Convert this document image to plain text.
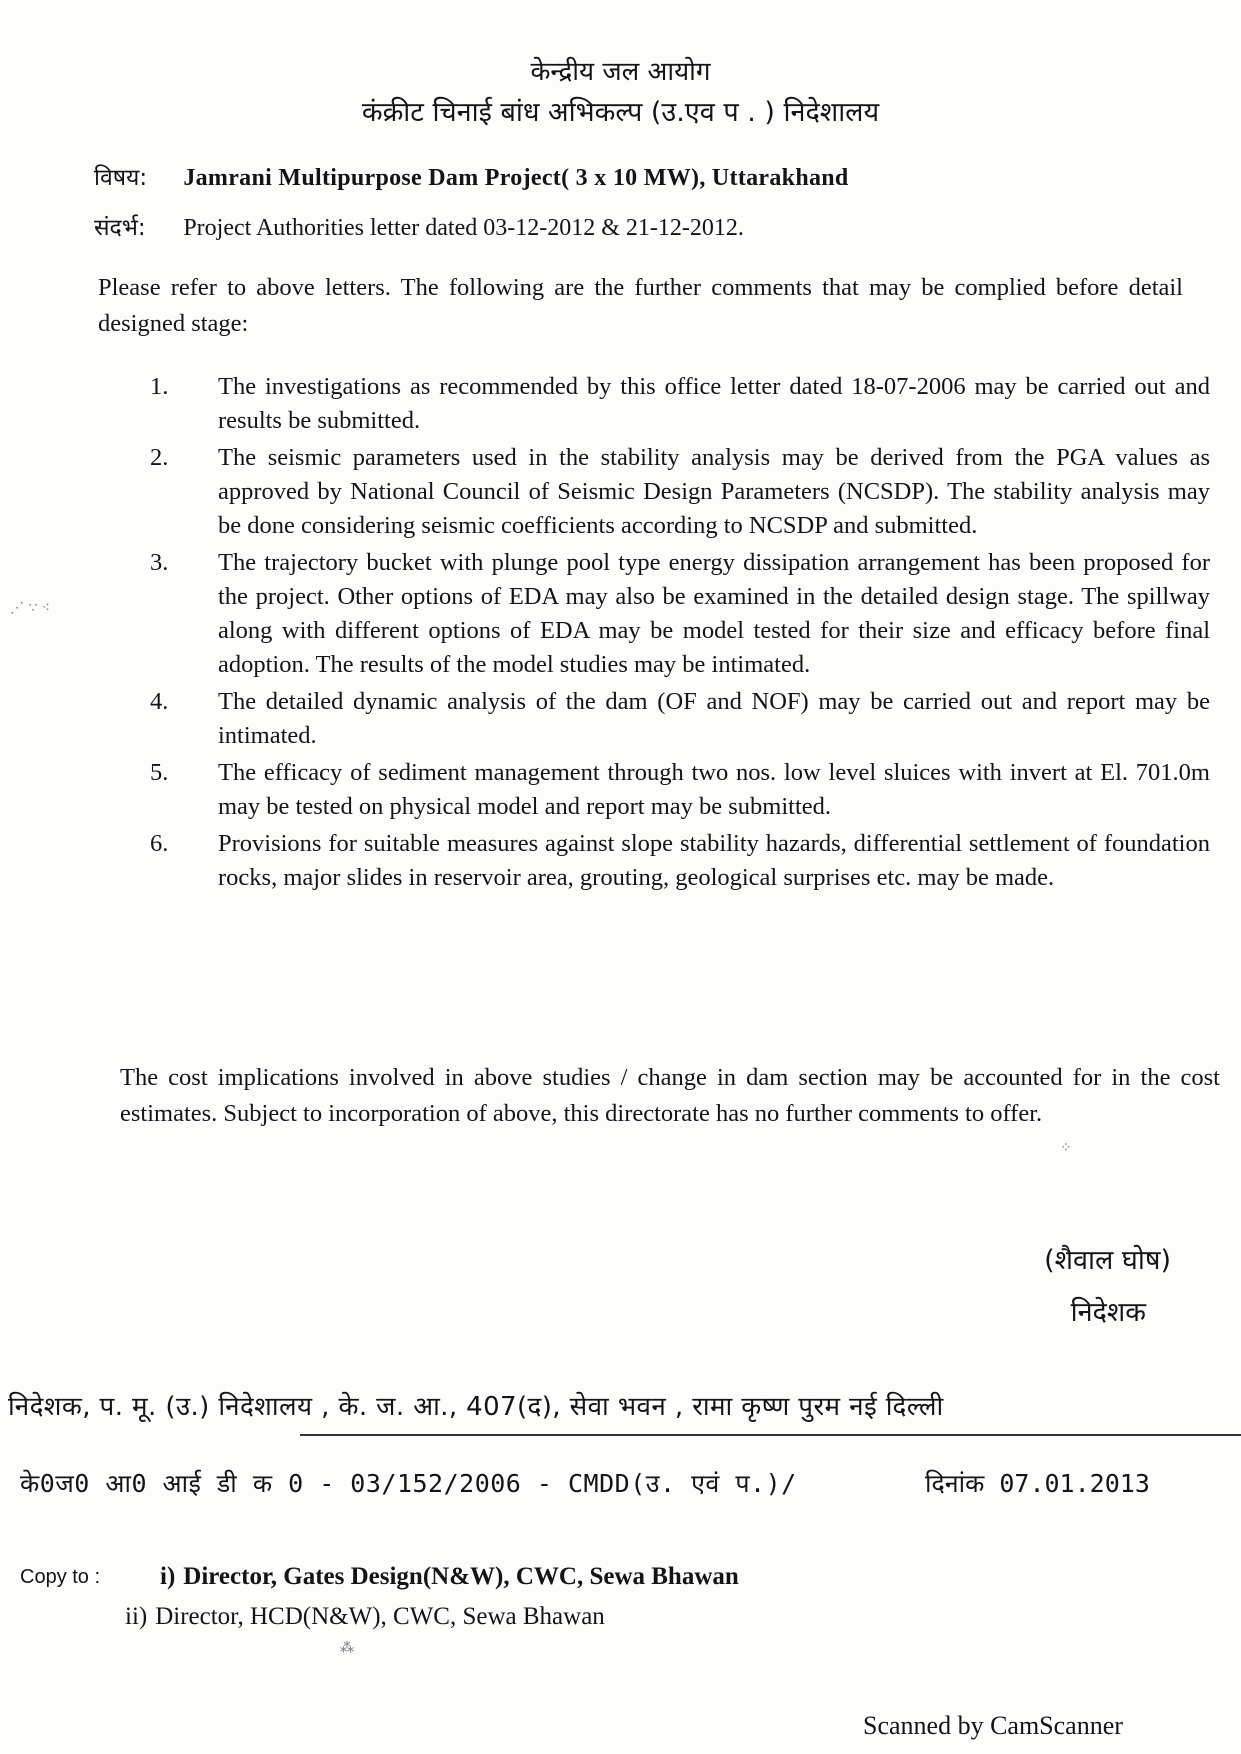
केन्द्रीय जल आयोग
कंक्रीट चिनाई बांध अभिकल्प (उ.एव प . ) निदेशालय
विषय: Jamrani Multipurpose Dam Project( 3 x 10 MW), Uttarakhand
संदर्भ: Project Authorities letter dated 03-12-2012 & 21-12-2012.
Please refer to above letters. The following are the further comments that may be complied before detail designed stage:
1.	The investigations as recommended by this office letter dated 18-07-2006 may be carried out and results be submitted.
2.	The seismic parameters used in the stability analysis may be derived from the PGA values as approved by National Council of Seismic Design Parameters (NCSDP). The stability analysis may be done considering seismic coefficients according to NCSDP and submitted.
3.	The trajectory bucket with plunge pool type energy dissipation arrangement has been proposed for the project. Other options of EDA may also be examined in the detailed design stage. The spillway along with different options of EDA may be model tested for their size and efficacy before final adoption. The results of the model studies may be intimated.
4.	The detailed dynamic analysis of the dam (OF and NOF) may be carried out and report may be intimated.
5.	The efficacy of sediment management through two nos. low level sluices with invert at El. 701.0m may be tested on physical model and report may be submitted.
6.	Provisions for suitable measures against slope stability hazards, differential settlement of foundation rocks, major slides in reservoir area, grouting, geological surprises etc. may be made.
The cost implications involved in above studies / change in dam section may be accounted for in the cost estimates. Subject to incorporation of above, this directorate has no further comments to offer.
(शैवाल घोष)
निदेशक
निदेशक, प. मू. (उ.) निदेशालय , के. ज. आ., 407(द), सेवा भवन , रामा कृष्ण पुरम नई दिल्ली
के0ज0 आ0 आई डी क 0 - 03/152/2006 - CMDD(उ. एवं प.)/	दिनांक 07.01.2013
Copy to : i) Director, Gates Design(N&W), CWC, Sewa Bhawan
ii) Director, HCD(N&W), CWC, Sewa Bhawan
Scanned by CamScanner
⋰ ∵ ⁖
⁘
⁂
